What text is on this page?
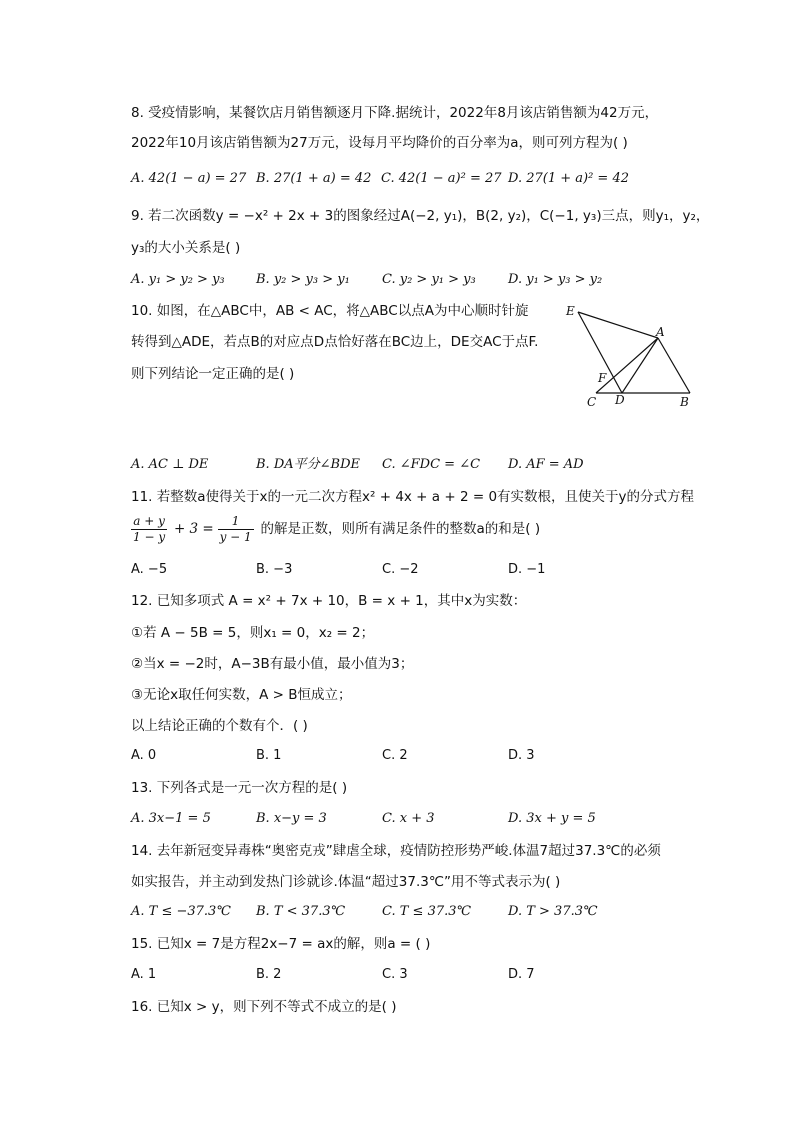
8. 受疫情影响，某餐饮店月销售额逐月下降.据统计，2022年8月该店销售额为42万元，
2022年10月该店销售额为27万元，设每月平均降价的百分率为a，则可列方程为( )
A. 42(1 − a) = 27 B. 27(1 + a) = 42 C. 42(1 − a)² = 27 D. 27(1 + a)² = 42
9. 若二次函数y = −x² + 2x + 3的图象经过A(−2, y₁)，B(2, y₂)，C(−1, y₃)三点，则y₁，y₂，
y₃的大小关系是( )
A. y₁ > y₂ > y₃ B. y₂ > y₃ > y₁ C. y₂ > y₁ > y₃ D. y₁ > y₃ > y₂
10. 如图，在△ABC中，AB < AC，将△ABC以点A为中心顺时针旋
转得到△ADE，若点B的对应点D点恰好落在BC边上，DE交AC于点F.
则下列结论一定正确的是( )
E
A
F
C D	B
A. AC ⊥ DE	B. DA平分∠BDE C. ∠FDC = ∠C D. AF = AD
11. 若整数a使得关于x的一元二次方程x² + 4x + a + 2 = 0有实数根，且使关于y的分式方程
$\frac{a + y}{1 - y} + 3 = \frac{1}{y - 1}$ 的解是正数，则所有满足条件的整数a的和是( )
A. −5	B. −3	C. −2	D. −1
12. 已知多项式 A = x² + 7x + 10，B = x + 1，其中x为实数：
①若 A − 5B = 5，则x₁ = 0，x₂ = 2；
②当x = −2时，A−3B有最小值，最小值为3；
③无论x取任何实数，A > B恒成立；
以上结论正确的个数有个．( )
A. 0	B. 1	C. 2	D. 3
13. 下列各式是一元一次方程的是( )
A. 3x−1 = 5	B. x−y = 3	C. x + 3	D. 3x + y = 5
14. 去年新冠变异毒株“奥密克戎”肆虐全球，疫情防控形势严峻.体温7超过37.3℃的必须
如实报告，并主动到发热门诊就诊.体温“超过37.3℃”用不等式表示为( )
A. T ≤ −37.3℃ B. T < 37.3℃	C. T ≤ 37.3℃	D. T > 37.3℃
15. 已知x = 7是方程2x−7 = ax的解，则a = ( )
A. 1	B. 2	C. 3	D. 7
16. 已知x > y，则下列不等式不成立的是( )
